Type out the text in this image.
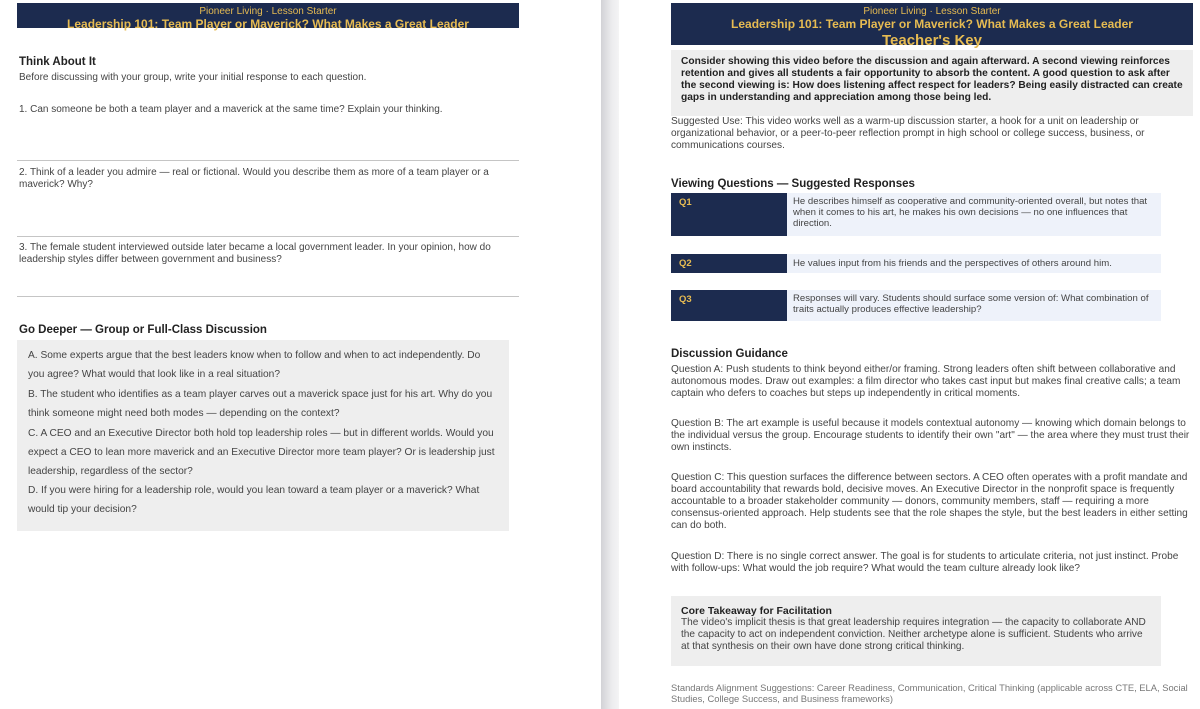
Pioneer Living · Lesson Starter
Leadership 101: Team Player or Maverick? What Makes a Great Leader
Think About It
Before discussing with your group, write your initial response to each question.
1. Can someone be both a team player and a maverick at the same time? Explain your thinking.
2. Think of a leader you admire — real or fictional. Would you describe them as more of a team player or a maverick? Why?
3. The female student interviewed outside later became a local government leader. In your opinion, how do leadership styles differ between government and business?
Go Deeper — Group or Full-Class Discussion

A. Some experts argue that the best leaders know when to follow and when to act independently. Do you agree? What would that look like in a real situation?

B. The student who identifies as a team player carves out a maverick space just for his art. Why do you think someone might need both modes — depending on the context?

C. A CEO and an Executive Director both hold top leadership roles — but in different worlds. Would you expect a CEO to lean more maverick and an Executive Director more team player? Or is leadership just leadership, regardless of the sector?

D. If you were hiring for a leadership role, would you lean toward a team player or a maverick? What would tip your decision?

Pioneer Living · Lesson Starter
Leadership 101: Team Player or Maverick? What Makes a Great Leader
Teacher's Key

Consider showing this video before the discussion and again afterward. A second viewing reinforces retention and gives all students a fair opportunity to absorb the content. A good question to ask after the second viewing is: How does listening affect respect for leaders? Being easily distracted can create gaps in understanding and appreciation among those being led.

Suggested Use: This video works well as a warm-up discussion starter, a hook for a unit on leadership or organizational behavior, or a peer-to-peer reflection prompt in high school or college success, business, or communications courses.
Viewing Questions — Suggested Responses
Q1	He describes himself as cooperative and community-oriented overall, but notes that when it comes to his art, he makes his own decisions — no one influences that direction.
Q2	He values input from his friends and the perspectives of others around him.
Q3	Responses will vary. Students should surface some version of: What combination of traits actually produces effective leadership?
Discussion Guidance
Question A: Push students to think beyond either/or framing. Strong leaders often shift between collaborative and autonomous modes. Draw out examples: a film director who takes cast input but makes final creative calls; a team captain who defers to coaches but steps up independently in critical moments.
Question B: The art example is useful because it models contextual autonomy — knowing which domain belongs to the individual versus the group. Encourage students to identify their own "art" — the area where they must trust their own instincts.
Question C: This question surfaces the difference between sectors. A CEO often operates with a profit mandate and board accountability that rewards bold, decisive moves. An Executive Director in the nonprofit space is frequently accountable to a broader stakeholder community — donors, community members, staff — requiring a more consensus-oriented approach. Help students see that the role shapes the style, but the best leaders in either setting can do both.
Question D: There is no single correct answer. The goal is for students to articulate criteria, not just instinct. Probe with follow-ups: What would the job require? What would the team culture already look like?
Core Takeaway for Facilitation
The video's implicit thesis is that great leadership requires integration — the capacity to collaborate AND the capacity to act on independent conviction. Neither archetype alone is sufficient. Students who arrive at that synthesis on their own have done strong critical thinking.
Standards Alignment Suggestions: Career Readiness, Communication, Critical Thinking (applicable across CTE, ELA, Social Studies, College Success, and Business frameworks)
